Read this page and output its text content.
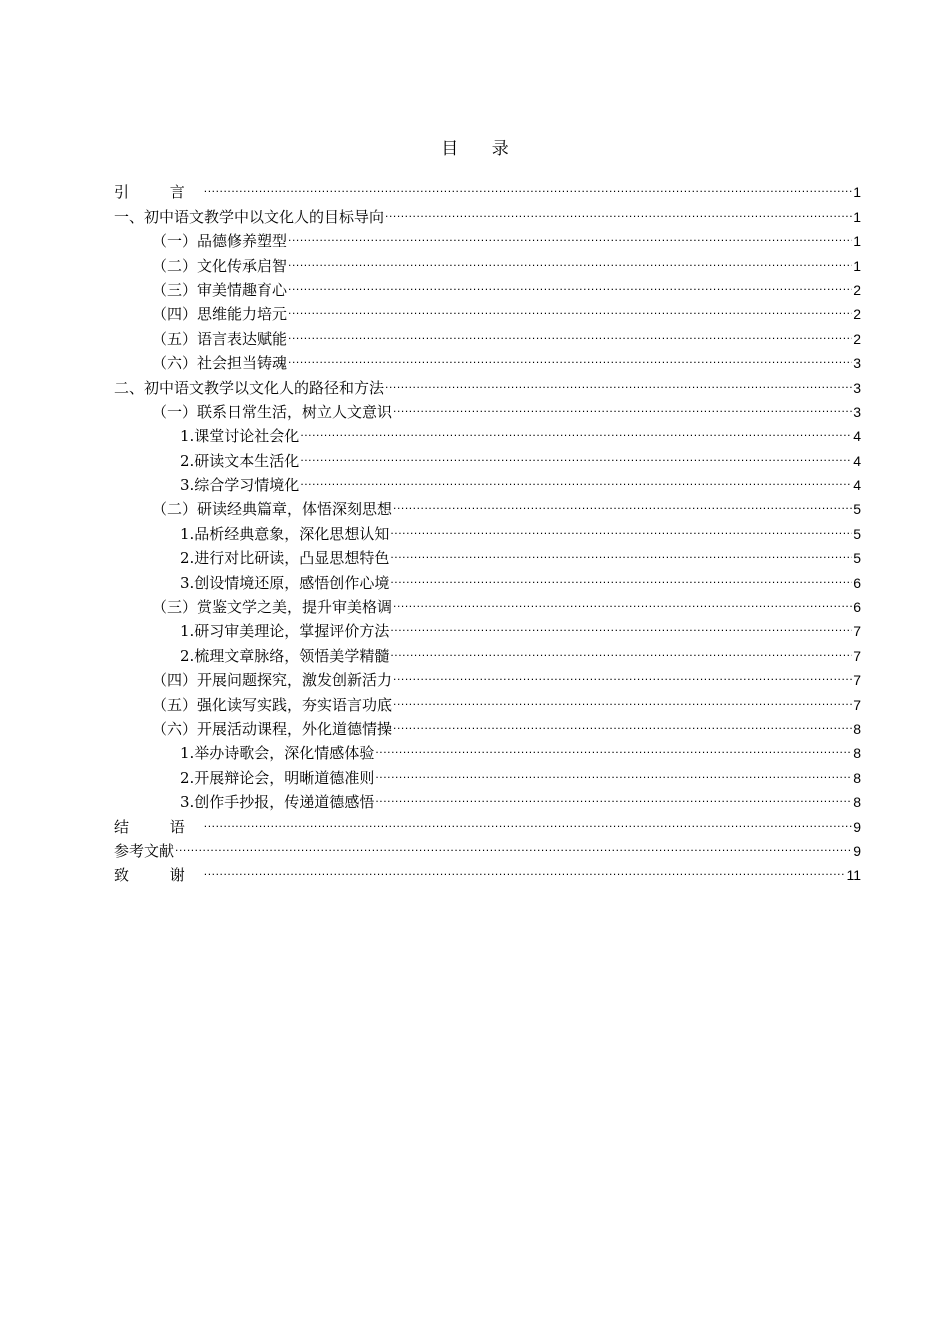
目 录
引 言 .....	1
一、初中语文教学中以文化人的目标导向 .....	1
（一）品德修养塑型 .....	1
（二）文化传承启智 .....	1
（三）审美情趣育心 .....	2
（四）思维能力培元 .....	2
（五）语言表达赋能 .....	2
（六）社会担当铸魂 .....	3
二、初中语文教学以文化人的路径和方法 .....	3
（一）联系日常生活，树立人文意识 .....	3
1.课堂讨论社会化 .....	4
2.研读文本生活化 .....	4
3.综合学习情境化 .....	4
（二）研读经典篇章，体悟深刻思想 .....	5
1.品析经典意象，深化思想认知 .....	5
2.进行对比研读，凸显思想特色 .....	5
3.创设情境还原，感悟创作心境 .....	6
（三）赏鉴文学之美，提升审美格调 .....	6
1.研习审美理论，掌握评价方法 .....	7
2.梳理文章脉络，领悟美学精髓 .....	7
（四）开展问题探究，激发创新活力 .....	7
（五）强化读写实践，夯实语言功底 .....	7
（六）开展活动课程，外化道德情操 .....	8
1.举办诗歌会，深化情感体验 .....	8
2.开展辩论会，明晰道德准则 .....	8
3.创作手抄报，传递道德感悟 .....	8
结 语 .....	9
参考文献 .....	9
致 谢 .....	11
